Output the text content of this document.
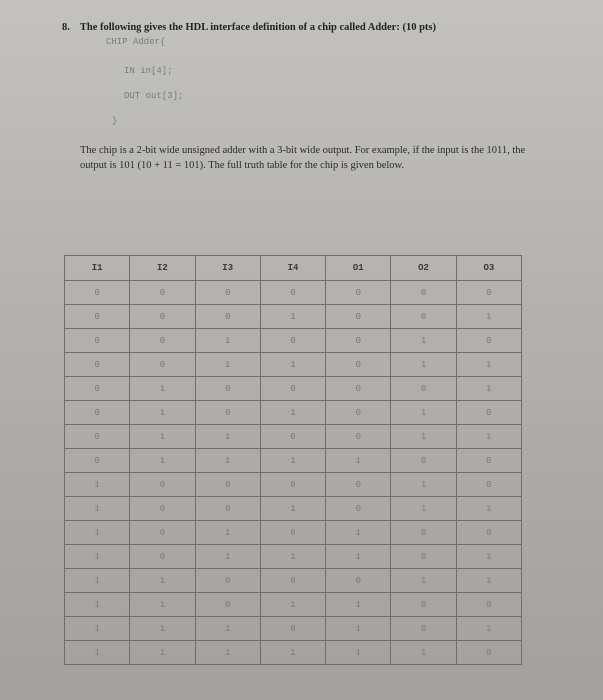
8. The following gives the HDL interface definition of a chip called Adder: (10 pts)
CHIP Adder{
IN in[4];
OUT out[3];
}

The chip is a 2-bit wide unsigned adder with a 3-bit wide output. For example, if the input is the 1011, the output is 101 (10 + 11 = 101). The full truth table for the chip is given below.

I1	I2	I3	I4	O1	O2	O3
0	0	0	0	0	0	0
0	0	0	1	0	0	1
0	0	1	0	0	1	0
0	0	1	1	0	1	1
0	1	0	0	0	0	1
0	1	0	1	0	1	0
0	1	1	0	0	1	1
0	1	1	1	1	0	0
1	0	0	0	0	1	0
1	0	0	1	0	1	1
1	0	1	0	1	0	0
1	0	1	1	1	0	1
1	1	0	0	0	1	1
1	1	0	1	1	0	0
1	1	1	0	1	0	1
1	1	1	1	1	1	0
